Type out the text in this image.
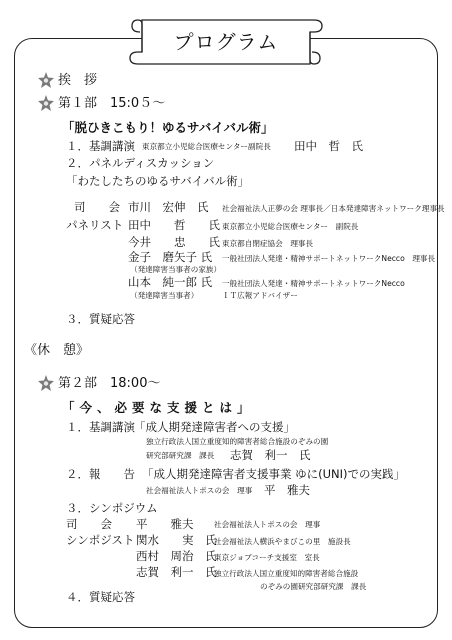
プログラム
挨　拶
第１部　15:0５～
「脱ひきこもり！ゆるサバイバル術」
１．基調講演 東京都立小児総合医療センター副院長 田中　哲　氏
２．パネルディスカッション
「わたしたちのゆるサバイバル術」
司　　会 市川　宏伸　氏 社会福祉法人正夢の会 理事長／日本発達障害ネットワーク理事長
パネリスト 田中　　哲　　氏 東京都立小児総合医療センター　副院長
今井　　忠　　氏 東京都自閉症協会　理事長
金子　磨矢子 氏 一般社団法人発達・精神サポートネットワークNecco　理事長
（発達障害当事者の家族）
山本　純一郎 氏 一般社団法人発達・精神サポートネットワークNecco
（発達障害当事者）	ＩＴ広報アドバイザー
３．質疑応答
《休　憩》
第２部　18:00～
「今、必要な支援とは」
１．基調講演 「成人期発達障害者への支援」
独立行政法人国立重度知的障害者総合施設のぞみの園
研究部研究課　課長 志賀　利一　氏
２．報　　告 「成人期発達障害者支援事業 ゆに(UNI)での実践」
社会福祉法人トポスの会　理事 平　雅夫
３．シンポジウム
司　　会 平　　雅夫	社会福祉法人トポスの会　理事
シンポジスト 関水　　実　氏
社会福祉法人横浜やまびこの里　施設長
西村　周治　氏
東京ジョブコーチ支援室　室長
志賀　利一　氏
独立行政法人国立重度知的障害者総合施設
のぞみの園研究部研究課　課長
４．質疑応答
